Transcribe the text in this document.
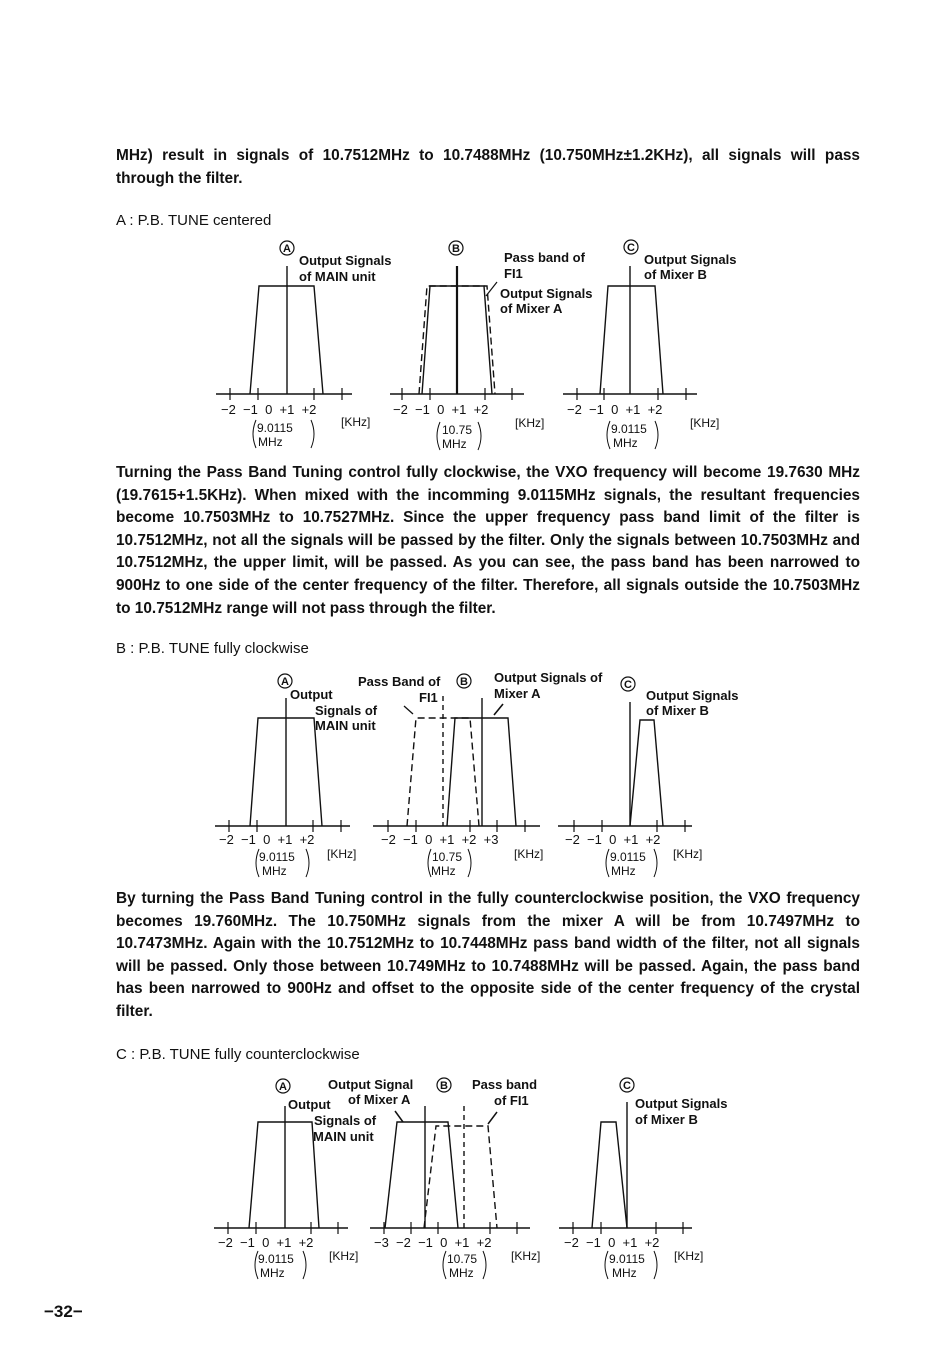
MHz) result in signals of 10.7512MHz to 10.7488MHz (10.750MHz±1.2KHz), all signals will pass through the filter.

A : P.B. TUNE centered

A
Output Signals
of MAIN unit
−2  −1  0  +1  +2
9.0115
MHz
[KHz]
B
Pass band of
FI1
Output Signals
of Mixer A
−2  −1  0  +1  +2
10.75
MHz
[KHz]
C
Output Signals
of Mixer B
−2  −1  0  +1  +2
9.0115
MHz
[KHz]

Turning the Pass Band Tuning control fully clockwise, the VXO frequency will become 19.7630 MHz (19.7615+1.5KHz). When mixed with the incomming 9.0115MHz signals, the resultant frequencies become 10.7503MHz to 10.7527MHz. Since the upper frequency pass band limit of the filter is 10.7512MHz, not all the signals will be passed by the filter. Only the signals between 10.7503MHz and 10.7512MHz, the upper limit, will be passed. As you can see, the pass band has been narrowed to 900Hz to one side of the center frequency of the filter. Therefore, all signals outside the 10.7503MHz to 10.7512MHz range will not pass through the filter.

B : P.B. TUNE fully clockwise

A
Output
Signals of
MAIN unit
−2  −1  0  +1  +2
9.0115
MHz
[KHz]
Pass Band of B
FI1
Output Signals of
Mixer A
−2  −1  0  +1  +2  +3
10.75
MHz
[KHz]
C
Output Signals
of Mixer B
−2  −1  0  +1  +2
9.0115
MHz
[KHz]

By turning the Pass Band Tuning control in the fully counterclockwise position, the VXO frequency becomes 19.760MHz. The 10.750MHz signals from the mixer A will be from 10.7497MHz to 10.7473MHz. Again with the 10.7512MHz to 10.7448MHz pass band width of the filter, not all signals will be passed. Only those between 10.749MHz to 10.7488MHz will be passed. Again, the pass band has been narrowed to 900Hz and offset to the opposite side of the center frequency of the crystal filter.

C : P.B. TUNE fully counterclockwise

A
Output
Signals of
MAIN unit
−2  −1  0  +1  +2
9.0115
MHz
[KHz]
Output Signal
of Mixer A
B Pass band
of FI1
−3  −2  −1  0  +1  +2
10.75
MHz
[KHz]
C
Output Signals
of Mixer B
−2  −1  0  +1  +2
9.0115
MHz
[KHz]

−32−
